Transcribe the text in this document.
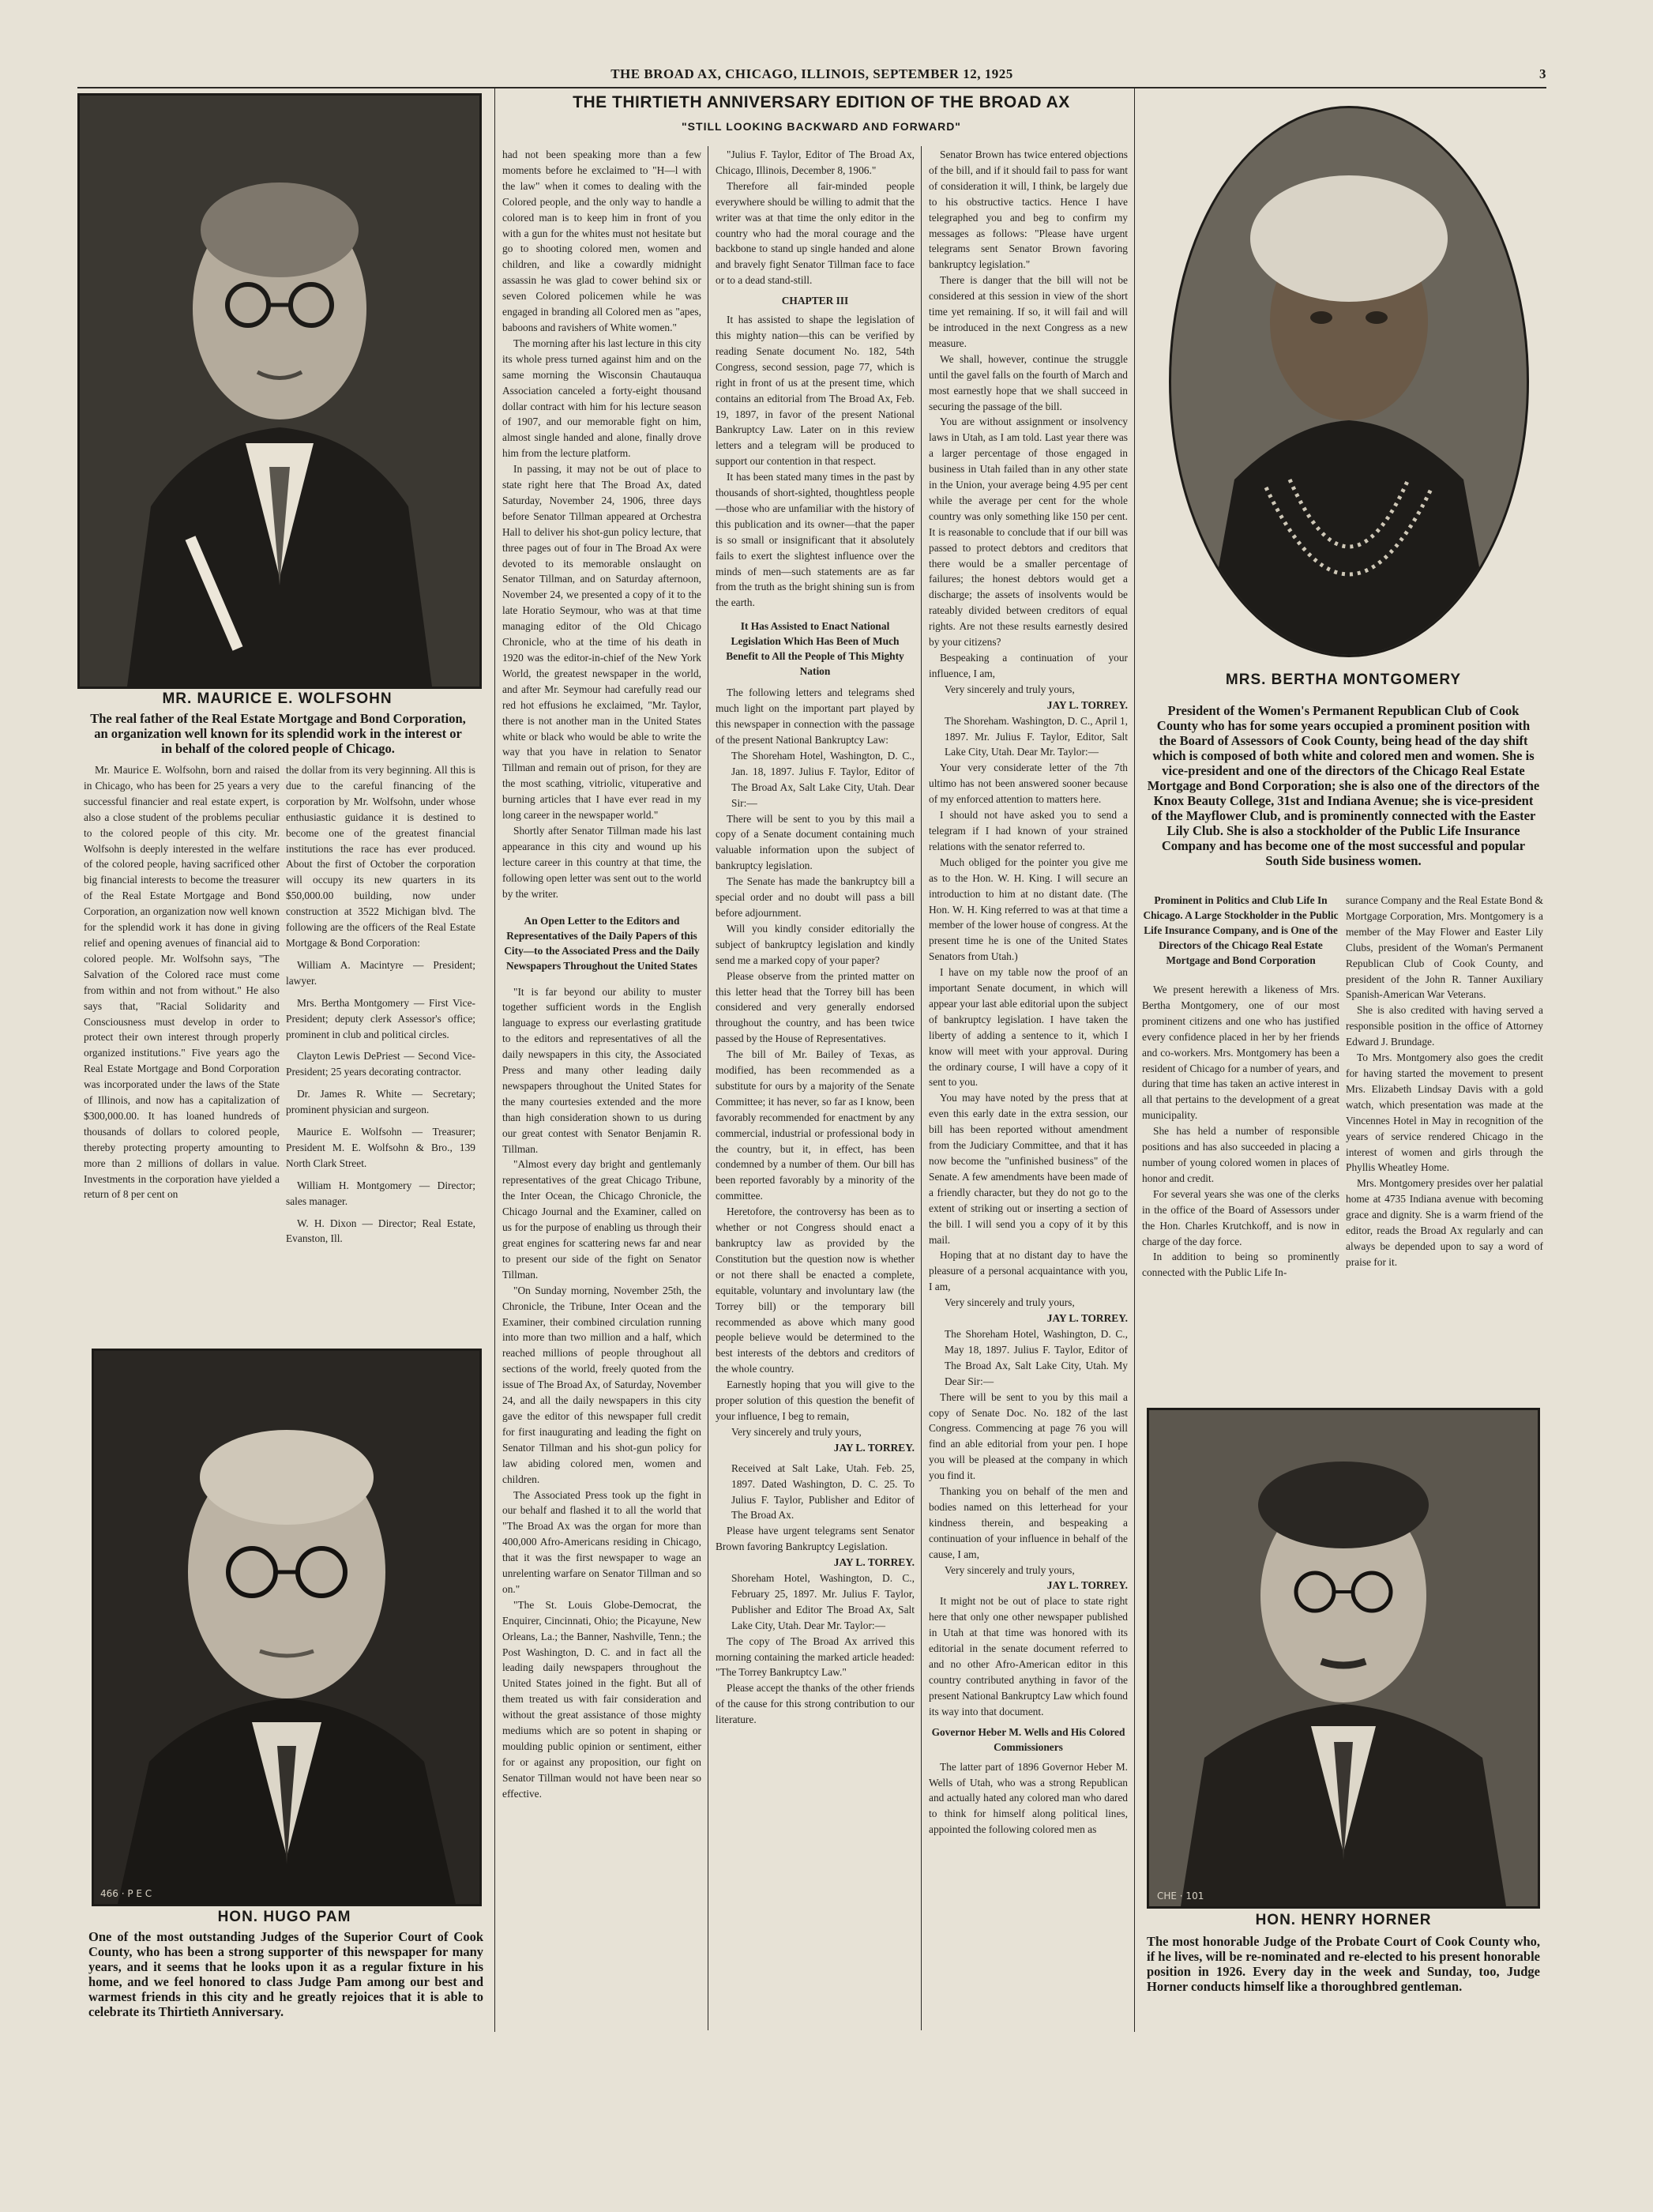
THE BROAD AX, CHICAGO, ILLINOIS, SEPTEMBER 12, 1925	3
MR. MAURICE E. WOLFSOHN
The real father of the Real Estate Mortgage and Bond Corporation, an organization well known for its splendid work in the interest or in behalf of the colored people of Chicago.

Mr. Maurice E. Wolfsohn, born and raised in Chicago, who has been for 25 years a very successful financier and real estate expert, is also a close student of the problems peculiar to the colored people of this city. Mr. Wolfsohn is deeply interested in the welfare of the colored people, having sacrificed other big financial interests to become the treasurer of the Real Estate Mortgage and Bond Corporation, an organization now well known for the splendid work it has done in giving relief and opening avenues of financial aid to colored people. Mr. Wolfsohn says, "The Salvation of the Colored race must come from within and not from without." He also says that, "Racial Solidarity and Consciousness must develop in order to protect their own interest through properly organized institutions." Five years ago the Real Estate Mortgage and Bond Corporation was incorporated under the laws of the State of Illinois, and now has a capitalization of $300,000.00. It has loaned hundreds of thousands of dollars to colored people, thereby protecting property amounting to more than 2 millions of dollars in value. Investments in the corporation have yielded a return of 8 per cent on

the dollar from its very beginning. All this is due to the careful financing of the corporation by Mr. Wolfsohn, under whose enthusiastic guidance it is destined to become one of the greatest financial institutions the race has ever produced. About the first of October the corporation will occupy its new quarters in its $50,000.00 building, now under construction at 3522 Michigan blvd. The following are the officers of the Real Estate Mortgage & Bond Corporation:

William A. Macintyre — President; lawyer.

Mrs. Bertha Montgomery — First Vice-President; deputy clerk Assessor's office; prominent in club and political circles.

Clayton Lewis DePriest — Second Vice-President; 25 years decorating contractor.

Dr. James R. White — Secretary; prominent physician and surgeon.

Maurice E. Wolfsohn — Treasurer; President M. E. Wolfsohn & Bro., 139 North Clark Street.

William H. Montgomery — Director; sales manager.

W. H. Dixon — Director; Real Estate, Evanston, Ill.

466 · P E C
HON. HUGO PAM
One of the most outstanding Judges of the Superior Court of Cook County, who has been a strong supporter of this newspaper for many years, and it seems that he looks upon it as a regular fixture in his home, and we feel honored to class Judge Pam among our best and warmest friends in this city and he greatly rejoices that it is able to celebrate its Thirtieth Anniversary.
THE THIRTIETH ANNIVERSARY EDITION OF THE BROAD AX
"STILL LOOKING BACKWARD AND FORWARD"

had not been speaking more than a few moments before he exclaimed to "H—l with the law" when it comes to dealing with the Colored people, and the only way to handle a colored man is to keep him in front of you with a gun for the whites must not hesitate but go to shooting colored men, women and children, and like a cowardly midnight assassin he was glad to cower behind six or seven Colored policemen while he was engaged in branding all Colored men as "apes, baboons and ravishers of White women."

The morning after his last lecture in this city its whole press turned against him and on the same morning the Wisconsin Chautauqua Association canceled a forty-eight thousand dollar contract with him for his lecture season of 1907, and our memorable fight on him, almost single handed and alone, finally drove him from the lecture platform.

In passing, it may not be out of place to state right here that The Broad Ax, dated Saturday, November 24, 1906, three days before Senator Tillman appeared at Orchestra Hall to deliver his shot-gun policy lecture, that three pages out of four in The Broad Ax were devoted to its memorable onslaught on Senator Tillman, and on Saturday afternoon, November 24, we presented a copy of it to the late Horatio Seymour, who was at that time managing editor of the Old Chicago Chronicle, who at the time of his death in 1920 was the editor-in-chief of the New York World, the greatest newspaper in the world, and after Mr. Seymour had carefully read our red hot effusions he exclaimed, "Mr. Taylor, there is not another man in the United States white or black who would be able to write the way that you have in relation to Senator Tillman and remain out of prison, for they are the most scathing, vitriolic, vituperative and burning articles that I have ever read in my long career in the newspaper world."

Shortly after Senator Tillman made his last appearance in this city and wound up his lecture career in this country at that time, the following open letter was sent out to the world by the writer.

An Open Letter to the Editors and Representatives of the Daily Papers of this City—to the Associated Press and the Daily Newspapers Throughout the United States

"It is far beyond our ability to muster together sufficient words in the English language to express our everlasting gratitude to the editors and representatives of all the daily newspapers in this city, the Associated Press and many other leading daily newspapers throughout the United States for the many courtesies extended and the more than high consideration shown to us during our great contest with Senator Benjamin R. Tillman.

"Almost every day bright and gentlemanly representatives of the great Chicago Tribune, the Inter Ocean, the Chicago Chronicle, the Chicago Journal and the Examiner, called on us for the purpose of enabling us through their great engines for scattering news far and near to present our side of the fight on Senator Tillman.

"On Sunday morning, November 25th, the Chronicle, the Tribune, Inter Ocean and the Examiner, their combined circulation running into more than two million and a half, which reached millions of people throughout all sections of the world, freely quoted from the issue of The Broad Ax, of Saturday, November 24, and all the daily newspapers in this city gave the editor of this newspaper full credit for first inaugurating and leading the fight on Senator Tillman and his shot-gun policy for law abiding colored men, women and children.

The Associated Press took up the fight in our behalf and flashed it to all the world that "The Broad Ax was the organ for more than 400,000 Afro-Americans residing in Chicago, that it was the first newspaper to wage an unrelenting warfare on Senator Tillman and so on."

"The St. Louis Globe-Democrat, the Enquirer, Cincinnati, Ohio; the Picayune, New Orleans, La.; the Banner, Nashville, Tenn.; the Post Washington, D. C. and in fact all the leading daily newspapers throughout the United States joined in the fight. But all of them treated us with fair consideration and without the great assistance of those mighty mediums which are so potent in shaping or moulding public opinion or sentiment, either for or against any proposition, our fight on Senator Tillman would not have been near so effective.

"Julius F. Taylor, Editor of The Broad Ax, Chicago, Illinois, December 8, 1906."

Therefore all fair-minded people everywhere should be willing to admit that the writer was at that time the only editor in the country who had the moral courage and the backbone to stand up single handed and alone and bravely fight Senator Tillman face to face or to a dead stand-still.

CHAPTER III

It has assisted to shape the legislation of this mighty nation—this can be verified by reading Senate document No. 182, 54th Congress, second session, page 77, which is right in front of us at the present time, which contains an editorial from The Broad Ax, Feb. 19, 1897, in favor of the present National Bankruptcy Law. Later on in this review letters and a telegram will be produced to support our contention in that respect.

It has been stated many times in the past by thousands of short-sighted, thoughtless people—those who are unfamiliar with the history of this publication and its owner—that the paper is so small or insignificant that it absolutely fails to exert the slightest influence over the minds of men—such statements are as far from the truth as the bright shining sun is from the earth.

It Has Assisted to Enact National Legislation Which Has Been of Much Benefit to All the People of This Mighty Nation

The following letters and telegrams shed much light on the important part played by this newspaper in connection with the passage of the present National Bankruptcy Law:

The Shoreham Hotel, Washington, D. C., Jan. 18, 1897. Julius F. Taylor, Editor of The Broad Ax, Salt Lake City, Utah. Dear Sir:—

There will be sent to you by this mail a copy of a Senate document containing much valuable information upon the subject of bankruptcy legislation.

The Senate has made the bankruptcy bill a special order and no doubt will pass a bill before adjournment.

Will you kindly consider editorially the subject of bankruptcy legislation and kindly send me a marked copy of your paper?

Please observe from the printed matter on this letter head that the Torrey bill has been considered and very generally endorsed throughout the country, and has been twice passed by the House of Representatives.

The bill of Mr. Bailey of Texas, as modified, has been recommended as a substitute for ours by a majority of the Senate Committee; it has never, so far as I know, been favorably recommended for enactment by any commercial, industrial or professional body in the country, but it, in effect, has been condemned by a number of them. Our bill has been reported favorably by a minority of the committee.

Heretofore, the controversy has been as to whether or not Congress should enact a bankruptcy law as provided by the Constitution but the question now is whether or not there shall be enacted a complete, equitable, voluntary and involuntary law (the Torrey bill) or the temporary bill recommended as above which many good people believe would be determined to the best interests of the debtors and creditors of the whole country.

Earnestly hoping that you will give to the proper solution of this question the benefit of your influence, I beg to remain,

Very sincerely and truly yours,

JAY L. TORREY.

Received at Salt Lake, Utah. Feb. 25, 1897. Dated Washington, D. C. 25. To Julius F. Taylor, Publisher and Editor of The Broad Ax.

Please have urgent telegrams sent Senator Brown favoring Bankruptcy Legislation.

JAY L. TORREY.

Shoreham Hotel, Washington, D. C., February 25, 1897. Mr. Julius F. Taylor, Publisher and Editor The Broad Ax, Salt Lake City, Utah. Dear Mr. Taylor:—

The copy of The Broad Ax arrived this morning containing the marked article headed: "The Torrey Bankruptcy Law."

Please accept the thanks of the other friends of the cause for this strong contribution to our literature.

Senator Brown has twice entered objections of the bill, and if it should fail to pass for want of consideration it will, I think, be largely due to his obstructive tactics. Hence I have telegraphed you and beg to confirm my messages as follows: "Please have urgent telegrams sent Senator Brown favoring bankruptcy legislation."

There is danger that the bill will not be considered at this session in view of the short time yet remaining. If so, it will fail and will be introduced in the next Congress as a new measure.

We shall, however, continue the struggle until the gavel falls on the fourth of March and most earnestly hope that we shall succeed in securing the passage of the bill.

You are without assignment or insolvency laws in Utah, as I am told. Last year there was a larger percentage of those engaged in business in Utah failed than in any other state in the Union, your average being 4.95 per cent while the average per cent for the whole country was only something like 150 per cent. It is reasonable to conclude that if our bill was passed to protect debtors and creditors that there would be a smaller percentage of failures; the honest debtors would get a discharge; the assets of insolvents would be rateably divided between creditors of equal rights. Are not these results earnestly desired by your citizens?

Bespeaking a continuation of your influence, I am,

Very sincerely and truly yours,

JAY L. TORREY.

The Shoreham. Washington, D. C., April 1, 1897. Mr. Julius F. Taylor, Editor, Salt Lake City, Utah. Dear Mr. Taylor:—

Your very considerate letter of the 7th ultimo has not been answered sooner because of my enforced attention to matters here.

I should not have asked you to send a telegram if I had known of your strained relations with the senator referred to.

Much obliged for the pointer you give me as to the Hon. W. H. King. I will secure an introduction to him at no distant date. (The Hon. W. H. King referred to was at that time a member of the lower house of congress. At the present time he is one of the United States Senators from Utah.)

I have on my table now the proof of an important Senate document, in which will appear your last able editorial upon the subject of bankruptcy legislation. I have taken the liberty of adding a sentence to it, which I know will meet with your approval. During the ordinary course, I will have a copy of it sent to you.

You may have noted by the press that at even this early date in the extra session, our bill has been reported without amendment from the Judiciary Committee, and that it has now become the "unfinished business" of the Senate. A few amendments have been made of a friendly character, but they do not go to the extent of striking out or inserting a section of the bill. I will send you a copy of it by this mail.

Hoping that at no distant day to have the pleasure of a personal acquaintance with you, I am,

Very sincerely and truly yours,

JAY L. TORREY.

The Shoreham Hotel, Washington, D. C., May 18, 1897. Julius F. Taylor, Editor of The Broad Ax, Salt Lake City, Utah. My Dear Sir:—

There will be sent to you by this mail a copy of Senate Doc. No. 182 of the last Congress. Commencing at page 76 you will find an able editorial from your pen. I hope you will be pleased at the company in which you find it.

Thanking you on behalf of the men and bodies named on this letterhead for your kindness therein, and bespeaking a continuation of your influence in behalf of the cause, I am,

Very sincerely and truly yours,

JAY L. TORREY.

It might not be out of place to state right here that only one other newspaper published in Utah at that time was honored with its editorial in the senate document referred to and no other Afro-American editor in this country contributed anything in favor of the present National Bankruptcy Law which found its way into that document.

Governor Heber M. Wells and His Colored Commissioners

The latter part of 1896 Governor Heber M. Wells of Utah, who was a strong Republican and actually hated any colored man who dared to think for himself along political lines, appointed the following colored men as

MRS. BERTHA MONTGOMERY
President of the Women's Permanent Republican Club of Cook County who has for some years occupied a prominent position with the Board of Assessors of Cook County, being head of the day shift which is composed of both white and colored men and women. She is vice-president and one of the directors of the Chicago Real Estate Mortgage and Bond Corporation; she is also one of the directors of the Knox Beauty College, 31st and Indiana Avenue; she is vice-president of the Mayflower Club, and is prominently connected with the Easter Lily Club. She is also a stockholder of the Public Life Insurance Company and has become one of the most successful and popular South Side business women.
Prominent in Politics and Club Life In Chicago. A Large Stockholder in the Public Life Insurance Company, and is One of the Directors of the Chicago Real Estate Mortgage and Bond Corporation

We present herewith a likeness of Mrs. Bertha Montgomery, one of our most prominent citizens and one who has justified every confidence placed in her by her friends and co-workers. Mrs. Montgomery has been a resident of Chicago for a number of years, and during that time has taken an active interest in all that pertains to the development of a great municipality.

She has held a number of responsible positions and has also succeeded in placing a number of young colored women in places of honor and credit.

For several years she was one of the clerks in the office of the Board of Assessors under the Hon. Charles Krutchkoff, and is now in charge of the day force.

In addition to being so prominently connected with the Public Life In-

surance Company and the Real Estate Bond & Mortgage Corporation, Mrs. Montgomery is a member of the May Flower and Easter Lily Clubs, president of the Woman's Permanent Republican Club of Cook County, and president of the John R. Tanner Auxiliary Spanish-American War Veterans.

She is also credited with having served a responsible position in the office of Attorney Edward J. Brundage.

To Mrs. Montgomery also goes the credit for having started the movement to present Mrs. Elizabeth Lindsay Davis with a gold watch, which presentation was made at the Vincennes Hotel in May in recognition of the years of service rendered Chicago in the interest of women and girls through the Phyllis Wheatley Home.

Mrs. Montgomery presides over her palatial home at 4735 Indiana avenue with becoming grace and dignity. She is a warm friend of the editor, reads the Broad Ax regularly and can always be depended upon to say a word of praise for it.

CHE · 101
HON. HENRY HORNER
The most honorable Judge of the Probate Court of Cook County who, if he lives, will be re-nominated and re-elected to his present honorable position in 1926. Every day in the week and Sunday, too, Judge Horner conducts himself like a thoroughbred gentleman.
